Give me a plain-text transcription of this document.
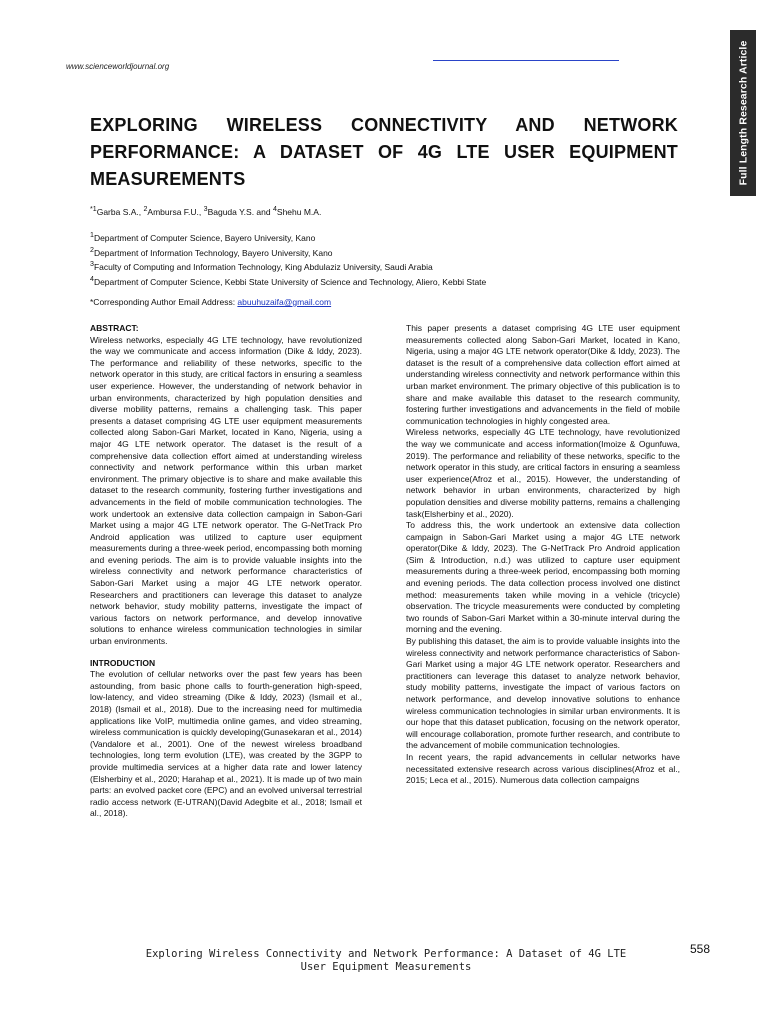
www.scienceworldjournal.org	Full Length Research Article
EXPLORING WIRELESS CONNECTIVITY AND NETWORK PERFORMANCE: A DATASET OF 4G LTE USER EQUIPMENT MEASUREMENTS
$^{*1}$Garba S.A., $^2$Ambursa F.U., $^3$Baguda Y.S. and $^4$Shehu M.A.
$^1$Department of Computer Science, Bayero University, Kano
$^2$Department of Information Technology, Bayero University, Kano
$^3$Faculty of Computing and Information Technology, King Abdulaziz University, Saudi Arabia
$^4$Department of Computer Science, Kebbi State University of Science and Technology, Aliero, Kebbi State
*Corresponding Author Email Address: abuuhuzaifa@gmail.com
ABSTRACT:

Wireless networks, especially 4G LTE technology, have revolutionized the way we communicate and access information (Dike & Iddy, 2023). The performance and reliability of these networks, specific to the network operator in this study, are critical factors in ensuring a seamless user experience. However, the understanding of network behavior in urban environments, characterized by high population densities and diverse mobility patterns, remains a challenging task. This paper presents a dataset comprising 4G LTE user equipment measurements collected along Sabon-Gari Market, located in Kano, Nigeria, using a major 4G LTE network operator. The dataset is the result of a comprehensive data collection effort aimed at understanding wireless connectivity and network performance within this urban market environment. The primary objective is to share and make available this dataset to the research community, fostering further investigations and advancements in the field of mobile communication technologies. The work undertook an extensive data collection campaign in Sabon-Gari Market using a major 4G LTE network operator. The G-NetTrack Pro Android application was utilized to capture user equipment measurements during a three-week period, encompassing both morning and evening periods. The aim is to provide valuable insights into the wireless connectivity and network performance characteristics of Sabon-Gari Market using a major 4G LTE network operator. Researchers and practitioners can leverage this dataset to analyze network behavior, study mobility patterns, investigate the impact of various factors on network performance, and develop innovative solutions to enhance wireless communication technologies in similar urban environments.

INTRODUCTION

The evolution of cellular networks over the past few years has been astounding, from basic phone calls to fourth-generation high-speed, low-latency, and video streaming (Dike & Iddy, 2023) (Ismail et al., 2018) (Ismail et al., 2018). Due to the increasing need for multimedia applications like VoIP, multimedia online games, and video streaming, wireless communication is quickly developing(Gunasekaran et al., 2014)(Vandalore et al., 2001). One of the newest wireless broadband technologies, long term evolution (LTE), was created by the 3GPP to provide multimedia services at a higher data rate and lower latency (Elsherbiny et al., 2020; Harahap et al., 2021). It is made up of two main parts: an evolved packet core (EPC) and an evolved universal terrestrial radio access network (E-UTRAN)(David Adegbite et al., 2018; Ismail et al., 2018).

This paper presents a dataset comprising 4G LTE user equipment measurements collected along Sabon-Gari Market, located in Kano, Nigeria, using a major 4G LTE network operator(Dike & Iddy, 2023). The dataset is the result of a comprehensive data collection effort aimed at understanding wireless connectivity and network performance within this urban market environment. The primary objective of this publication is to share and make available this dataset to the research community, fostering further investigations and advancements in the field of mobile communication technologies in highly congested area.

Wireless networks, especially 4G LTE technology, have revolutionized the way we communicate and access information(Imoize & Ogunfuwa, 2019). The performance and reliability of these networks, specific to the network operator in this study, are critical factors in ensuring a seamless user experience(Afroz et al., 2015). However, the understanding of network behavior in urban environments, characterized by high population densities and diverse mobility patterns, remains a challenging task(Elsherbiny et al., 2020).

To address this, the work undertook an extensive data collection campaign in Sabon-Gari Market using a major 4G LTE network operator(Dike & Iddy, 2023). The G-NetTrack Pro Android application (Sim & Introduction, n.d.) was utilized to capture user equipment measurements during a three-week period, encompassing both morning and evening periods. The data collection process involved one distinct method: measurements taken while moving in a vehicle (tricycle) observation. The tricycle measurements were conducted by completing two rounds of Sabon-Gari Market within a 30-minute interval during the morning and the evening.

By publishing this dataset, the aim is to provide valuable insights into the wireless connectivity and network performance characteristics of Sabon-Gari Market using a major 4G LTE network operator. Researchers and practitioners can leverage this dataset to analyze network behavior, study mobility patterns, investigate the impact of various factors on network performance, and develop innovative solutions to enhance wireless communication technologies in similar urban environments. It is our hope that this dataset publication, focusing on the network operator, will encourage collaboration, promote further research, and contribute to the advancement of mobile communication technologies.

In recent years, the rapid advancements in cellular networks have necessitated extensive research across various disciplines(Afroz et al., 2015; Leca et al., 2015). Numerous data collection campaigns

Exploring Wireless Connectivity and Network Performance: A Dataset of 4G LTE
User Equipment Measurements
558
